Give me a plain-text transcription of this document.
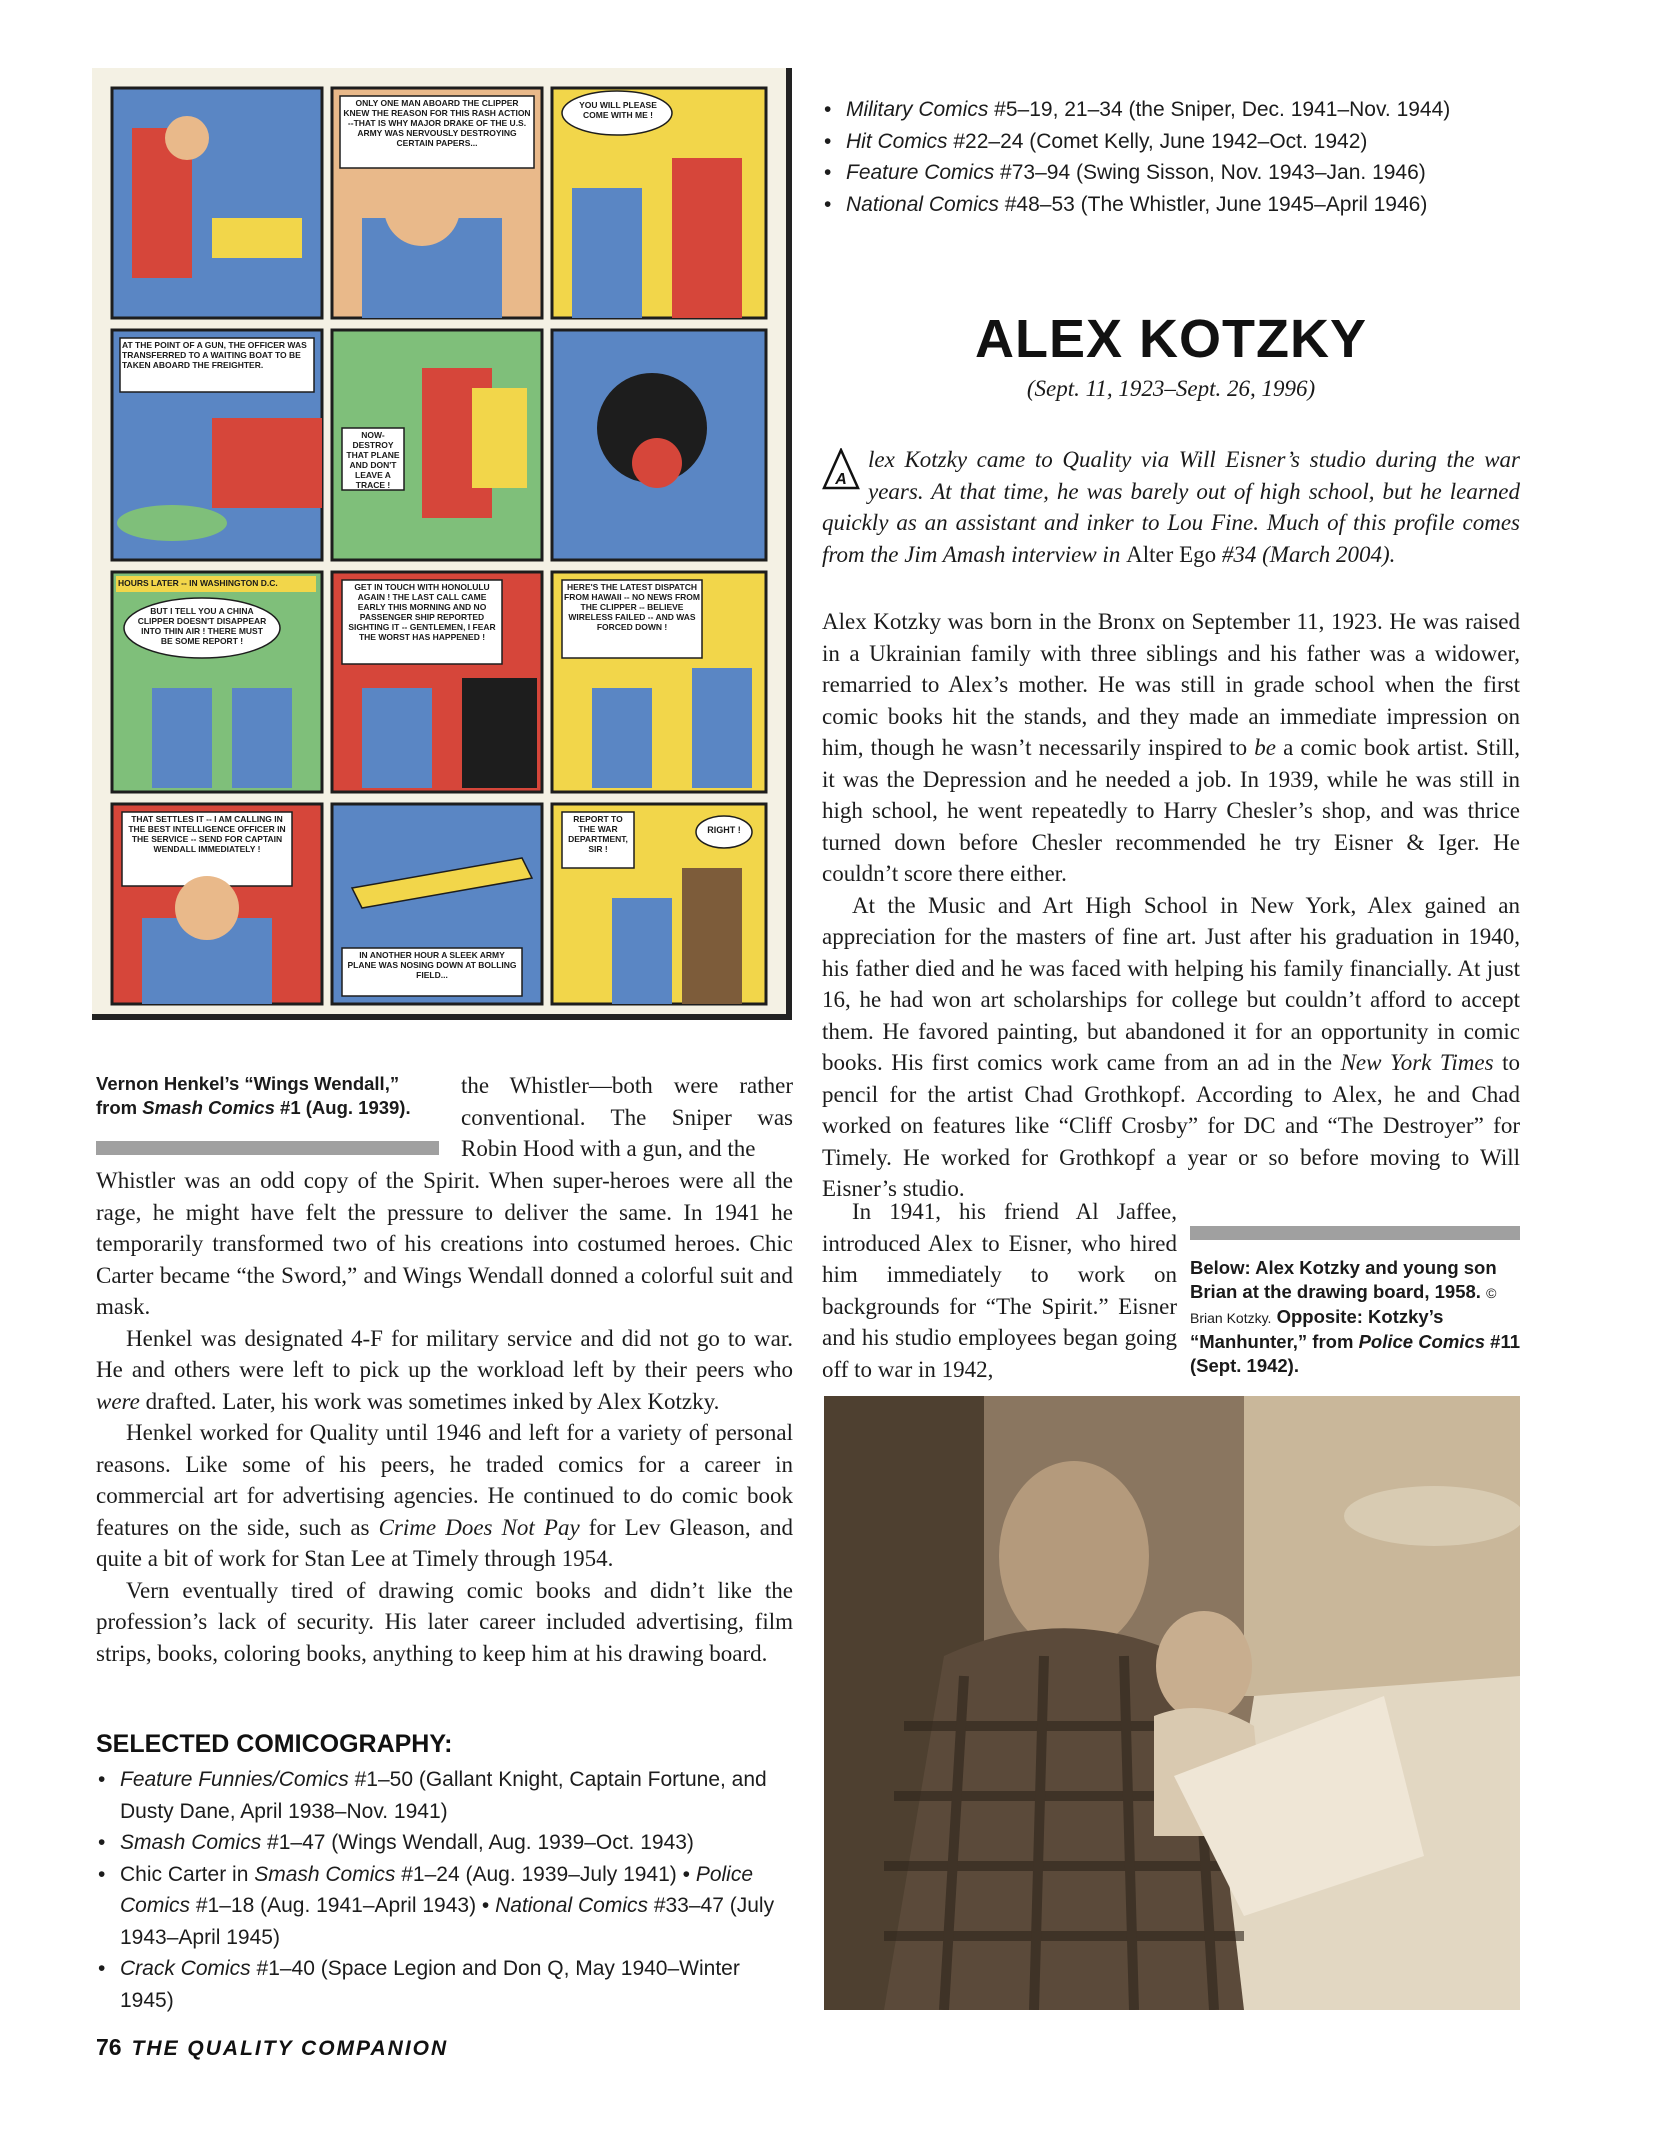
• Military Comics #5–19, 21–34 (the Sniper, Dec. 1941–Nov. 1944)
• Hit Comics #22–24 (Comet Kelly, June 1942–Oct. 1942)
• Feature Comics #73–94 (Swing Sisson, Nov. 1943–Jan. 1946)
• National Comics #48–53 (The Whistler, June 1945–April 1946)
ONLY ONE MAN ABOARD THE CLIPPER KNEW THE REASON FOR THIS RASH ACTION --THAT IS WHY MAJOR DRAKE OF THE U.S. ARMY WAS NERVOUSLY DESTROYING CERTAIN PAPERS...
YOU WILL PLEASE COME WITH ME !
AT THE POINT OF A GUN, THE OFFICER WAS TRANSFERRED TO A WAITING BOAT TO BE TAKEN ABOARD THE FREIGHTER.
NOW-DESTROY THAT PLANE AND DON'T LEAVE A TRACE !
HOURS LATER -- IN WASHINGTON D.C.
BUT I TELL YOU A CHINA CLIPPER DOESN'T DISAPPEAR INTO THIN AIR ! THERE MUST BE SOME REPORT !
GET IN TOUCH WITH HONOLULU AGAIN ! THE LAST CALL CAME EARLY THIS MORNING AND NO PASSENGER SHIP REPORTED SIGHTING IT -- GENTLEMEN, I FEAR THE WORST HAS HAPPENED !
HERE'S THE LATEST DISPATCH FROM HAWAII -- NO NEWS FROM THE CLIPPER -- BELIEVE WIRELESS FAILED -- AND WAS FORCED DOWN !
THAT SETTLES IT -- I AM CALLING IN THE BEST INTELLIGENCE OFFICER IN THE SERVICE -- SEND FOR CAPTAIN WENDALL IMMEDIATELY !
IN ANOTHER HOUR A SLEEK ARMY PLANE WAS NOSING DOWN AT BOLLING FIELD...
REPORT TO THE WAR DEPARTMENT, SIR !
RIGHT !
Vernon Henkel’s “Wings Wendall,” from Smash Comics #1 (Aug. 1939).

the Whistler—both were rather conventional. The Sniper was Robin Hood with a gun, and the

Whistler was an odd copy of the Spirit. When super-heroes were all the rage, he might have felt the pressure to deliver the same. In 1941 he temporarily transformed two of his creations into costumed heroes. Chic Carter became “the Sword,” and Wings Wendall donned a colorful suit and mask.

Henkel was designated 4-F for military service and did not go to war. He and others were left to pick up the workload left by their peers who were drafted. Later, his work was sometimes inked by Alex Kotzky.

Henkel worked for Quality until 1946 and left for a variety of personal reasons. Like some of his peers, he traded comics for a career in commercial art for advertising agencies. He continued to do comic book features on the side, such as Crime Does Not Pay for Lev Gleason, and quite a bit of work for Stan Lee at Timely through 1954.

Vern eventually tired of drawing comic books and didn’t like the profession’s lack of security. His later career included advertising, film strips, books, coloring books, anything to keep him at his drawing board.

SELECTED COMICOGRAPHY:
• Feature Funnies/Comics #1–50 (Gallant Knight, Captain Fortune, and Dusty Dane, April 1938–Nov. 1941)
• Smash Comics #1–47 (Wings Wendall, Aug. 1939–Oct. 1943)
• Chic Carter in Smash Comics #1–24 (Aug. 1939–July 1941) • Police Comics #1–18 (Aug. 1941–April 1943) • National Comics #33–47 (July 1943–April 1945)
• Crack Comics #1–40 (Space Legion and Don Q, May 1940–Winter 1945)
ALEX KOTZKY
(Sept. 11, 1923–Sept. 26, 1996)
A
lex Kotzky came to Quality via Will Eisner’s studio during the war years. At that time, he was barely out of high school, but he learned quickly as an assistant and inker to Lou Fine. Much of this profile comes from the Jim Amash interview in Alter Ego #34 (March 2004).

Alex Kotzky was born in the Bronx on September 11, 1923. He was raised in a Ukrainian family with three siblings and his father was a widower, remarried to Alex’s mother. He was still in grade school when the first comic books hit the stands, and they made an immediate impression on him, though he wasn’t necessarily inspired to be a comic book artist. Still, it was the Depression and he needed a job. In 1939, while he was still in high school, he went repeatedly to Harry Chesler’s shop, and was thrice turned down before Chesler recommended he try Eisner & Iger. He couldn’t score there either.

At the Music and Art High School in New York, Alex gained an appreciation for the masters of fine art. Just after his graduation in 1940, his father died and he was faced with helping his family financially. At just 16, he had won art scholarships for college but couldn’t afford to accept them. He favored painting, but abandoned it for an opportunity in comic books. His first comics work came from an ad in the New York Times to pencil for the artist Chad Grothkopf. According to Alex, he and Chad worked on features like “Cliff Crosby” for DC and “The Destroyer” for Timely. He worked for Grothkopf a year or so before moving to Will Eisner’s studio.

In 1941, his friend Al Jaffee, introduced Alex to Eisner, who hired him immediately to work on backgrounds for “The Spirit.” Eisner and his studio employees began going off to war in 1942,

Below: Alex Kotzky and young son Brian at the drawing board, 1958. © Brian Kotzky. Opposite: Kotzky’s “Manhunter,” from Police Comics #11 (Sept. 1942).
76 THE QUALITY COMPANION
